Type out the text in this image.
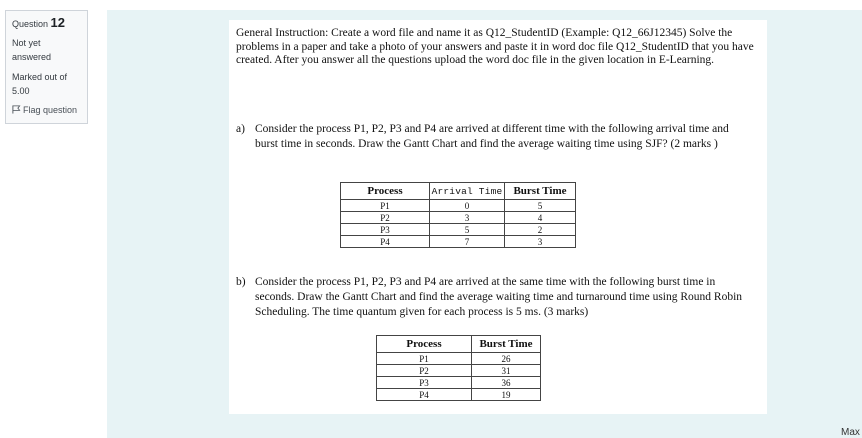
Question 12
Not yet answered
Marked out of 5.00
Flag question
General Instruction: Create a word file and name it as Q12_StudentID (Example: Q12_66J12345) Solve the problems in a paper and take a photo of your answers and paste it in word doc file Q12_StudentID that you have created. After you answer all the questions upload the word doc file in the given location in E-Learning.
a) Consider the process P1, P2, P3 and P4 are arrived at different time with the following arrival time and burst time in seconds. Draw the Gantt Chart and find the average waiting time using SJF? (2 marks )
Process	Arrival Time	Burst Time
P1	0	5
P2	3	4
P3	5	2
P4	7	3
b) Consider the process P1, P2, P3 and P4 are arrived at the same time with the following burst time in seconds. Draw the Gantt Chart and find the average waiting time and turnaround time using Round Robin Scheduling. The time quantum given for each process is 5 ms. (3 marks)
Process	Burst Time
P1	26
P2	31
P3	36
P4	19
Max
